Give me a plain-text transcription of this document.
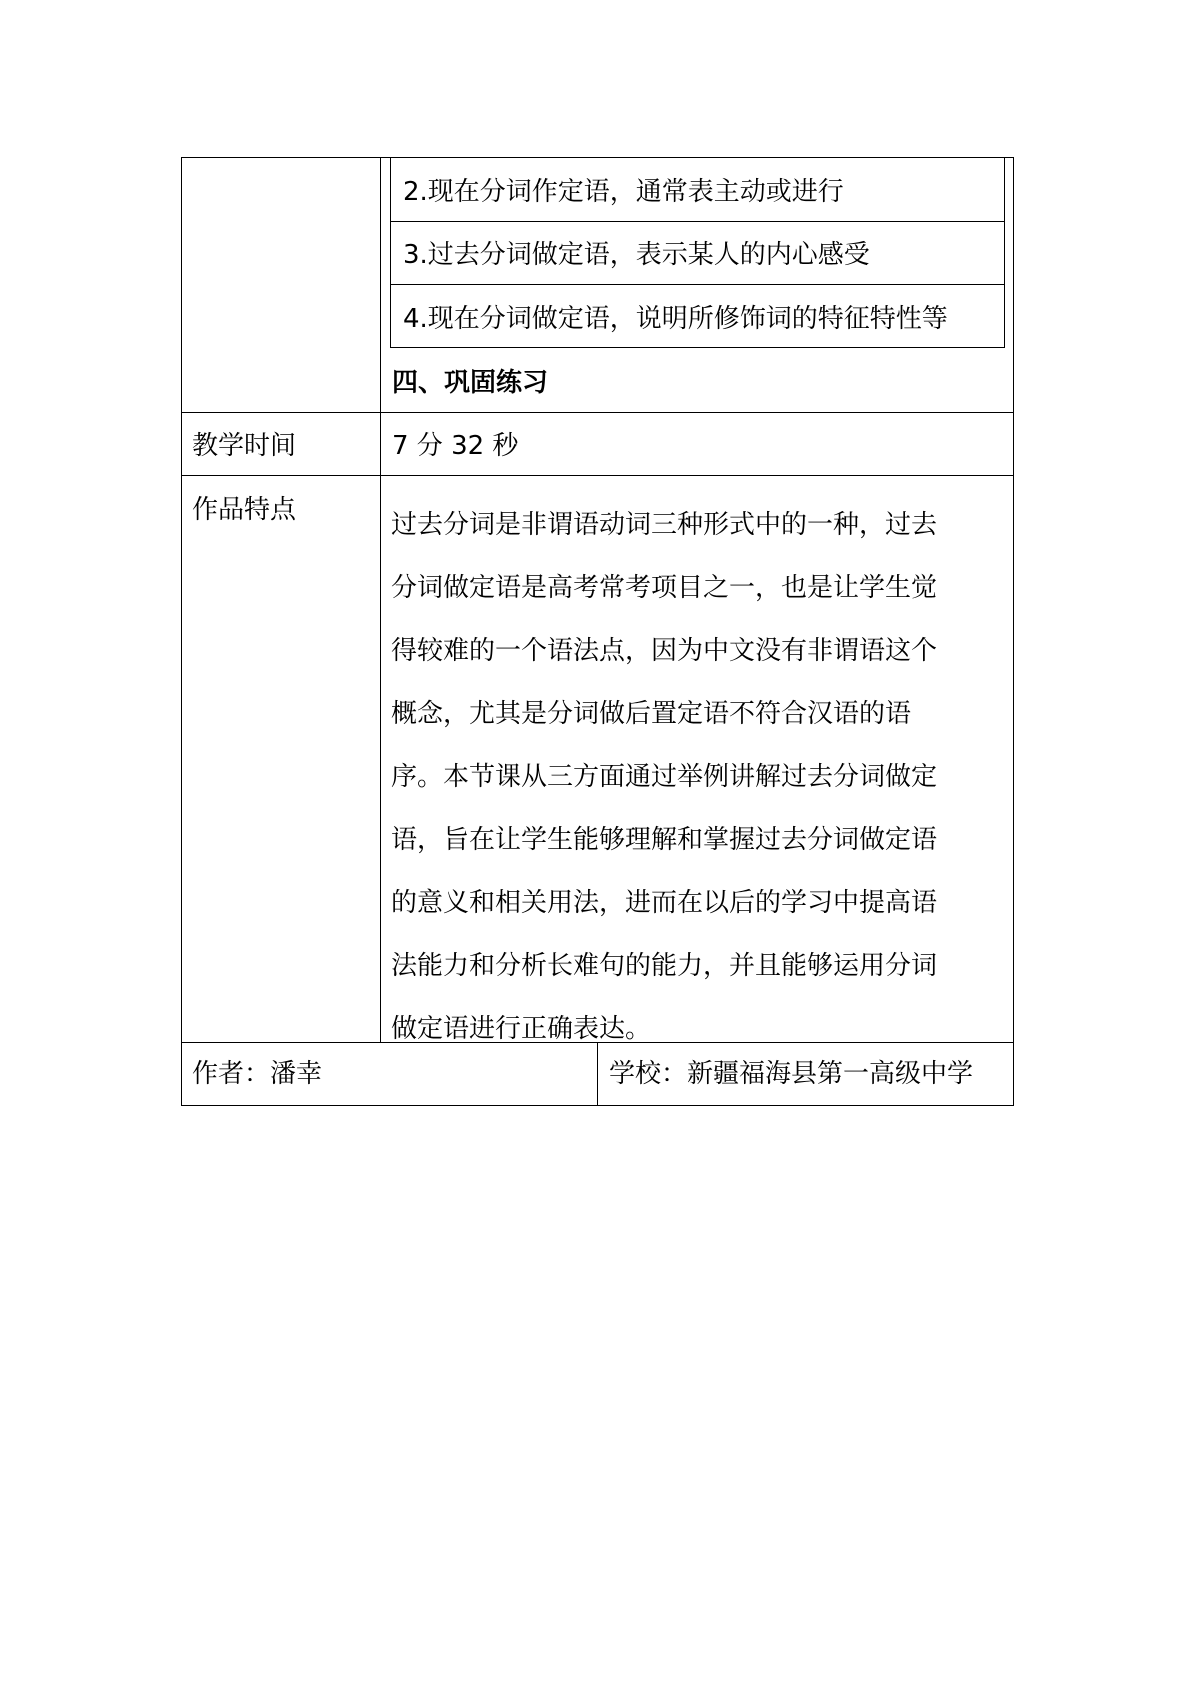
2.现在分词作定语，通常表主动或进行
3.过去分词做定语，表示某人的内心感受
4.现在分词做定语，说明所修饰词的特征特性等
四、巩固练习
教学时间	7 分 32 秒
作品特点	过去分词是非谓语动词三种形式中的一种，过去
分词做定语是高考常考项目之一，也是让学生觉
得较难的一个语法点，因为中文没有非谓语这个
概念，尤其是分词做后置定语不符合汉语的语
序。本节课从三方面通过举例讲解过去分词做定
语，旨在让学生能够理解和掌握过去分词做定语
的意义和相关用法，进而在以后的学习中提高语
法能力和分析长难句的能力，并且能够运用分词
做定语进行正确表达。
作者：潘幸	学校：新疆福海县第一高级中学
